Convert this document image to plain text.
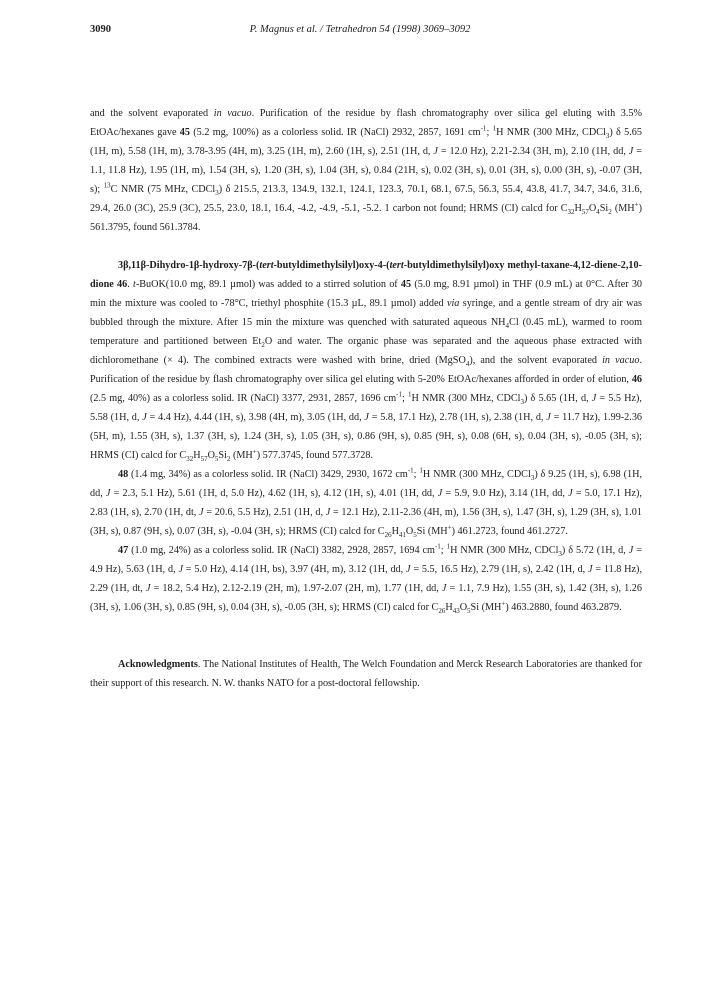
3090	P. Magnus et al. / Tetrahedron 54 (1998) 3069–3092

and the solvent evaporated in vacuo. Purification of the residue by flash chromatography over silica gel eluting with 3.5% EtOAc/hexanes gave 45 (5.2 mg, 100%) as a colorless solid. IR (NaCl) 2932, 2857, 1691 $cm^{-1}$; $^1$H NMR (300 MHz, CDCl$_3$) δ 5.65 (1H, m), 5.58 (1H, m), 3.78-3.95 (4H, m), 3.25 (1H, m), 2.60 (1H, s), 2.51 (1H, d, J = 12.0 Hz), 2.21-2.34 (3H, m), 2.10 (1H, dd, J = 1.1, 11.8 Hz), 1.95 (1H, m), 1.54 (3H, s), 1.20 (3H, s), 1.04 (3H, s), 0.84 (21H, s), 0.02 (3H, s), 0.01 (3H, s), 0.00 (3H, s), -0.07 (3H, s); $^{13}$C NMR (75 MHz, CDCl$_3$) δ 215.5, 213.3, 134.9, 132.1, 124.1, 123.3, 70.1, 68.1, 67.5, 56.3, 55.4, 43.8, 41.7, 34.7, 34.6, 31.6, 29.4, 26.0 (3C), 25.9 (3C), 25.5, 23.0, 18.1, 16.4, -4.2, -4.9, -5.1, -5.2. 1 carbon not found; HRMS (CI) calcd for $C_{32}H_{57}O_4Si_2$ (MH+) 561.3795, found 561.3784.

3β,11β-Dihydro-1β-hydroxy-7β-(tert-butyldimethylsilyl)oxy-4-(tert-butyldimethylsilyl)oxy methyl-taxane-4,12-diene-2,10-dione 46. t-BuOK(10.0 mg, 89.1 µmol) was added to a stirred solution of 45 (5.0 mg, 8.91 µmol) in THF (0.9 mL) at 0°C. After 30 min the mixture was cooled to -78°C, triethyl phosphite (15.3 µL, 89.1 µmol) added via syringe, and a gentle stream of dry air was bubbled through the mixture. After 15 min the mixture was quenched with saturated aqueous $NH_4Cl$ (0.45 mL), warmed to room temperature and partitioned between $Et_2O$ and water. The organic phase was separated and the aqueous phase extracted with dichloromethane (× 4). The combined extracts were washed with brine, dried (MgSO$_4$), and the solvent evaporated in vacuo. Purification of the residue by flash chromatography over silica gel eluting with 5-20% EtOAc/hexanes afforded in order of elution, 46 (2.5 mg, 40%) as a colorless solid. IR (NaCl) 3377, 2931, 2857, 1696 $cm^{-1}$; $^1$H NMR (300 MHz, CDCl$_3$) δ 5.65 (1H, d, J = 5.5 Hz), 5.58 (1H, d, J = 4.4 Hz), 4.44 (1H, s), 3.98 (4H, m), 3.05 (1H, dd, J = 5.8, 17.1 Hz), 2.78 (1H, s), 2.38 (1H, d, J = 11.7 Hz), 1.99-2.36 (5H, m), 1.55 (3H, s), 1.37 (3H, s), 1.24 (3H, s), 1.05 (3H, s), 0.86 (9H, s), 0.85 (9H, s), 0.08 (6H, s), 0.04 (3H, s), -0.05 (3H, s); HRMS (CI) calcd for $C_{32}H_{57}O_5Si_2$ (MH+) 577.3745, found 577.3728.

48 (1.4 mg, 34%) as a colorless solid. IR (NaCl) 3429, 2930, 1672 $cm^{-1}$; $^1$H NMR (300 MHz, CDCl$_3$) δ 9.25 (1H, s), 6.98 (1H, dd, J = 2.3, 5.1 Hz), 5.61 (1H, d, 5.0 Hz), 4.62 (1H, s), 4.12 (1H, s), 4.01 (1H, dd, J = 5.9, 9.0 Hz), 3.14 (1H, dd, J = 5.0, 17.1 Hz), 2.83 (1H, s), 2.70 (1H, dt, J = 20.6, 5.5 Hz), 2.51 (1H, d, J = 12.1 Hz), 2.11-2.36 (4H, m), 1.56 (3H, s), 1.47 (3H, s), 1.29 (3H, s), 1.01 (3H, s), 0.87 (9H, s), 0.07 (3H, s), -0.04 (3H, s); HRMS (CI) calcd for $C_{26}H_{41}O_5Si$ (MH+) 461.2723, found 461.2727.

47 (1.0 mg, 24%) as a colorless solid. IR (NaCl) 3382, 2928, 2857, 1694 $cm^{-1}$; $^1$H NMR (300 MHz, CDCl$_3$) δ 5.72 (1H, d, J = 4.9 Hz), 5.63 (1H, d, J = 5.0 Hz), 4.14 (1H, bs), 3.97 (4H, m), 3.12 (1H, dd, J = 5.5, 16.5 Hz), 2.79 (1H, s), 2.42 (1H, d, J = 11.8 Hz), 2.29 (1H, dt, J = 18.2, 5.4 Hz), 2.12-2.19 (2H, m), 1.97-2.07 (2H, m), 1.77 (1H, dd, J = 1.1, 7.9 Hz), 1.55 (3H, s), 1.42 (3H, s), 1.26 (3H, s), 1.06 (3H, s), 0.85 (9H, s), 0.04 (3H, s), -0.05 (3H, s); HRMS (CI) calcd for $C_{26}H_{43}O_5Si$ (MH+) 463.2880, found 463.2879.

Acknowledgments. The National Institutes of Health, The Welch Foundation and Merck Research Laboratories are thanked for their support of this research. N. W. thanks NATO for a post-doctoral fellowship.
